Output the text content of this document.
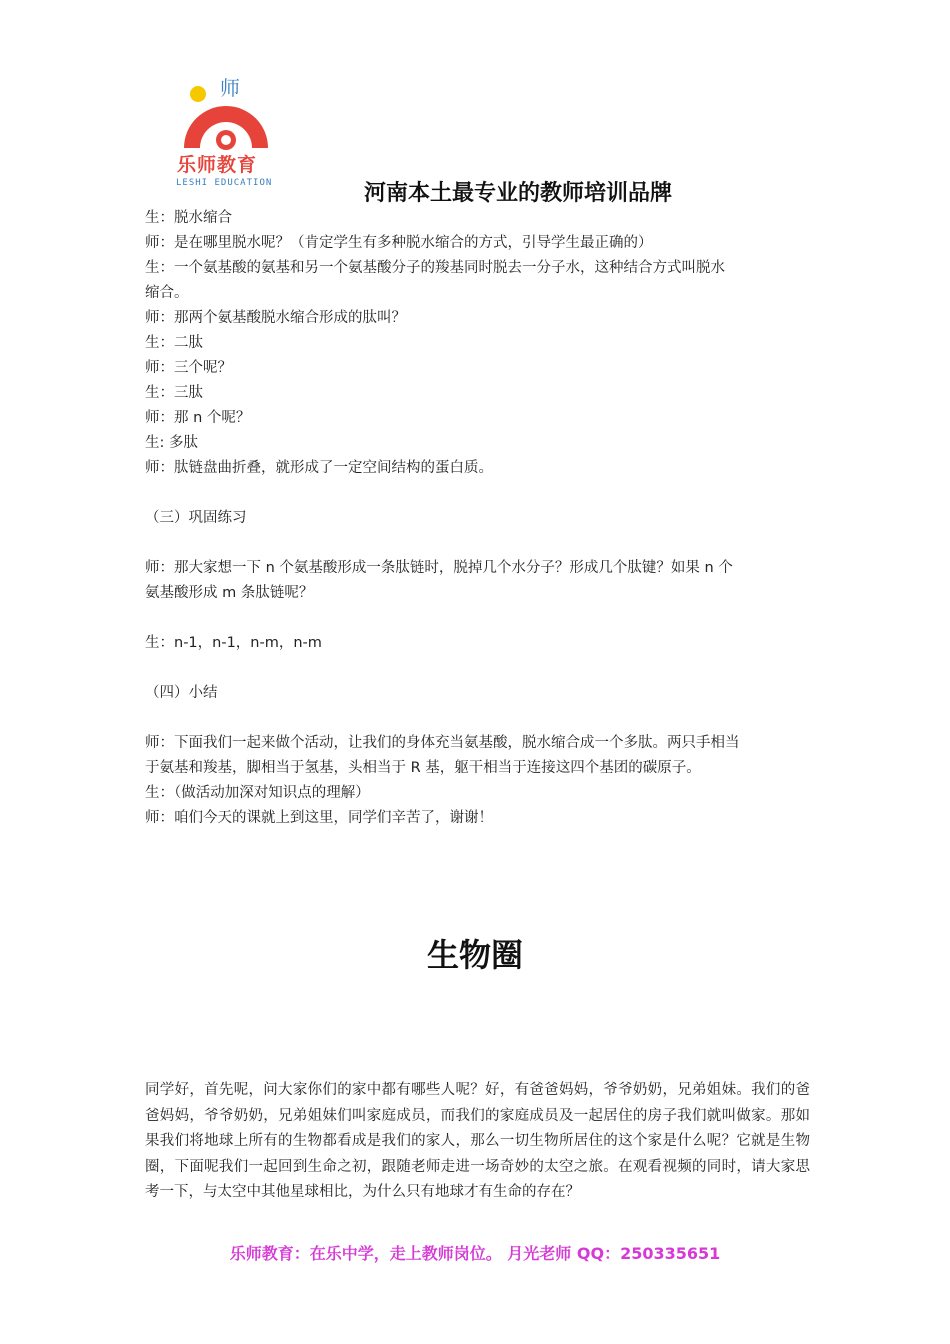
师
乐师教育
LESHI EDUCATION	河南本土最专业的教师培训品牌

生：脱水缩合

师：是在哪里脱水呢？（肯定学生有多种脱水缩合的方式，引导学生最正确的）

生：一个氨基酸的氨基和另一个氨基酸分子的羧基同时脱去一分子水，这种结合方式叫脱水

缩合。

师：那两个氨基酸脱水缩合形成的肽叫？

生：二肽

师：三个呢？

生：三肽

师：那 n 个呢？

生: 多肽

师：肽链盘曲折叠，就形成了一定空间结构的蛋白质。

（三）巩固练习

师：那大家想一下 n 个氨基酸形成一条肽链时，脱掉几个水分子？形成几个肽键？如果 n 个

氨基酸形成 m 条肽链呢？

生：n-1，n-1，n-m，n-m

（四）小结

师：下面我们一起来做个活动，让我们的身体充当氨基酸，脱水缩合成一个多肽。两只手相当

于氨基和羧基，脚相当于氢基，头相当于 R 基，躯干相当于连接这四个基团的碳原子。

生：（做活动加深对知识点的理解）

师：咱们今天的课就上到这里，同学们辛苦了，谢谢！

生物圈
同学好，首先呢，问大家你们的家中都有哪些人呢？好，有爸爸妈妈，爷爷奶奶，兄弟姐妹。我们的爸爸妈妈，爷爷奶奶，兄弟姐妹们叫家庭成员，而我们的家庭成员及一起居住的房子我们就叫做家。那如果我们将地球上所有的生物都看成是我们的家人，那么一切生物所居住的这个家是什么呢？它就是生物圈，下面呢我们一起回到生命之初，跟随老师走进一场奇妙的太空之旅。在观看视频的同时，请大家思考一下，与太空中其他星球相比，为什么只有地球才有生命的存在？
乐师教育：在乐中学，走上教师岗位。 月光老师 QQ：250335651
